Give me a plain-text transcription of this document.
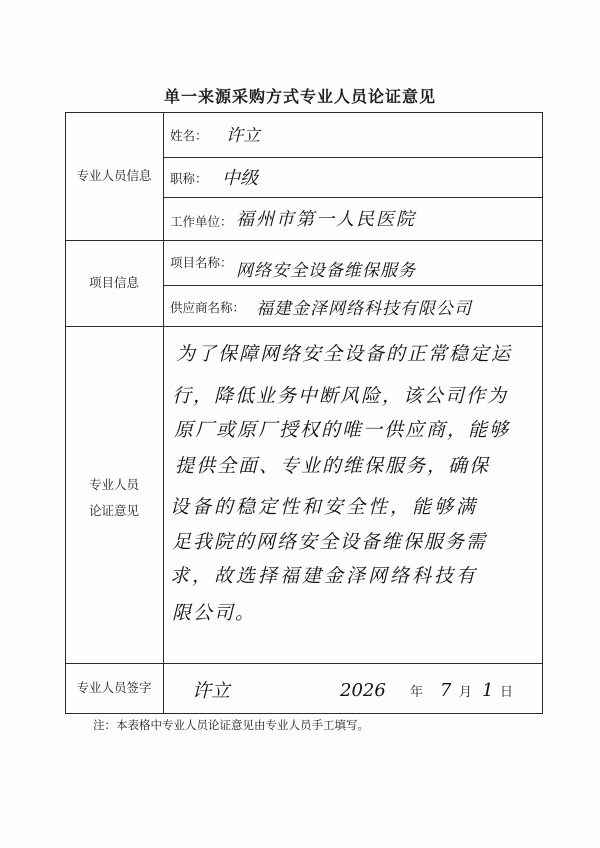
单一来源采购方式专业人员论证意见
专业人员信息
项目信息
专业人员
论证意见
专业人员签字
姓名：
职称：
工作单位：
项目名称：
供应商名称：
许立
中级
福州市第一人民医院
网络安全设备维保服务
福建金泽网络科技有限公司
为了保障网络安全设备的正常稳定运
行，降低业务中断风险，该公司作为
原厂或原厂授权的唯一供应商，能够
提供全面、专业的维保服务，确保
设备的稳定性和安全性，能够满
足我院的网络安全设备维保服务需
求，故选择福建金泽网络科技有
限公司。
许立	2026 年 7 月 1 日
注：本表格中专业人员论证意见由专业人员手工填写。
